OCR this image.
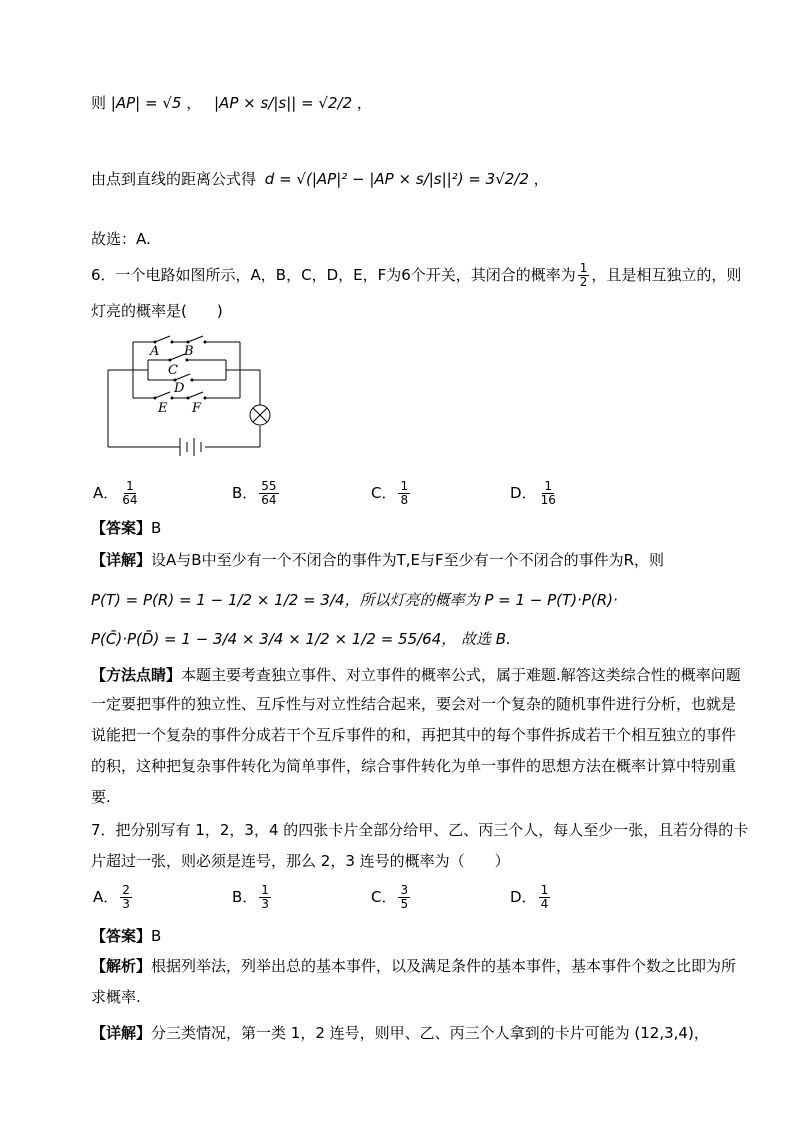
则 |AP| = √5 ， |AP × s/|s|| = √2/2 ，
由点到直线的距离公式得 d = √(|AP|² − |AP × s/|s||²) = 3√2/2 ，
故选：A.
6．一个电路如图所示，A，B，C，D，E，F为6个开关，其闭合的概率为 $\frac{1}{2}$ ，且是相互独立的，则
灯亮的概率是(　　)
A B
C
D
E F
A． $\frac{1}{64}$	B． $\frac{55}{64}$	C． $\frac{1}{8}$	D． $\frac{1}{16}$
【答案】B
【详解】设A与B中至少有一个不闭合的事件为T,E与F至少有一个不闭合的事件为R，则
P(T) = P(R) = 1 − 1/2 × 1/2 = 3/4，所以灯亮的概率为 P = 1 − P(T)·P(R)·
P(C̄)·P(D̄) = 1 − 3/4 × 3/4 × 1/2 × 1/2 = 55/64， 故选 B.
【方法点睛】本题主要考查独立事件、对立事件的概率公式，属于难题.解答这类综合性的概率问题
一定要把事件的独立性、互斥性与对立性结合起来，要会对一个复杂的随机事件进行分析，也就是
说能把一个复杂的事件分成若干个互斥事件的和，再把其中的每个事件拆成若干个相互独立的事件
的积，这种把复杂事件转化为简单事件，综合事件转化为单一事件的思想方法在概率计算中特别重
要.
7．把分别写有 1，2，3，4 的四张卡片全部分给甲、乙、丙三个人，每人至少一张，且若分得的卡
片超过一张，则必须是连号，那么 2，3 连号的概率为（　　）
A． $\frac{2}{3}$	B． $\frac{1}{3}$	C． $\frac{3}{5}$	D． $\frac{1}{4}$
【答案】B
【解析】根据列举法，列举出总的基本事件，以及满足条件的基本事件，基本事件个数之比即为所
求概率.
【详解】分三类情况，第一类 1，2 连号，则甲、乙、丙三个人拿到的卡片可能为 (12,3,4)，
